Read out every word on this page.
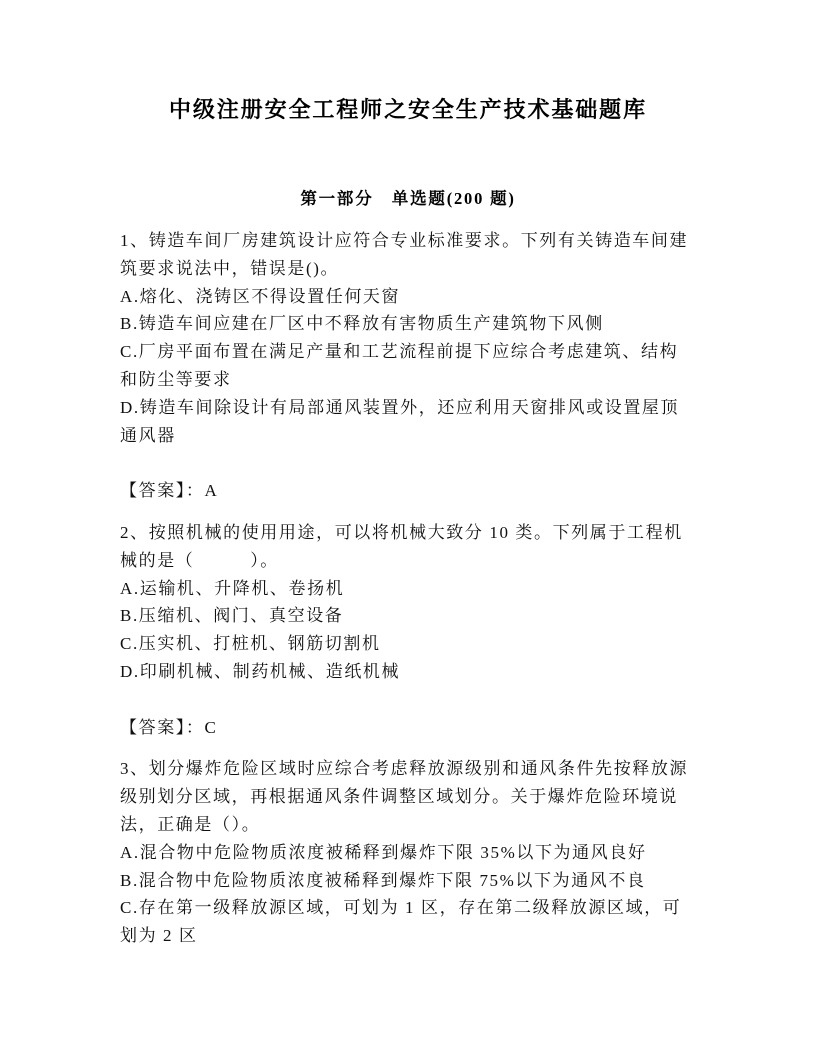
中级注册安全工程师之安全生产技术基础题库
第一部分　单选题(200 题)

1、铸造车间厂房建筑设计应符合专业标准要求。下列有关铸造车间建
筑要求说法中，错误是()。

A.熔化、浇铸区不得设置任何天窗

B.铸造车间应建在厂区中不释放有害物质生产建筑物下风侧

C.厂房平面布置在满足产量和工艺流程前提下应综合考虑建筑、结构
和防尘等要求

D.铸造车间除设计有局部通风装置外，还应利用天窗排风或设置屋顶
通风器

【答案】：A

2、按照机械的使用用途，可以将机械大致分 10 类。下列属于工程机
械的是（　　　）。

A.运输机、升降机、卷扬机

B.压缩机、阀门、真空设备

C.压实机、打桩机、钢筋切割机

D.印刷机械、制药机械、造纸机械

【答案】：C

3、划分爆炸危险区域时应综合考虑释放源级别和通风条件先按释放源
级别划分区域，再根据通风条件调整区域划分。关于爆炸危险环境说
法，正确是（）。

A.混合物中危险物质浓度被稀释到爆炸下限 35%以下为通风良好

B.混合物中危险物质浓度被稀释到爆炸下限 75%以下为通风不良

C.存在第一级释放源区域，可划为 1 区，存在第二级释放源区域，可
划为 2 区
